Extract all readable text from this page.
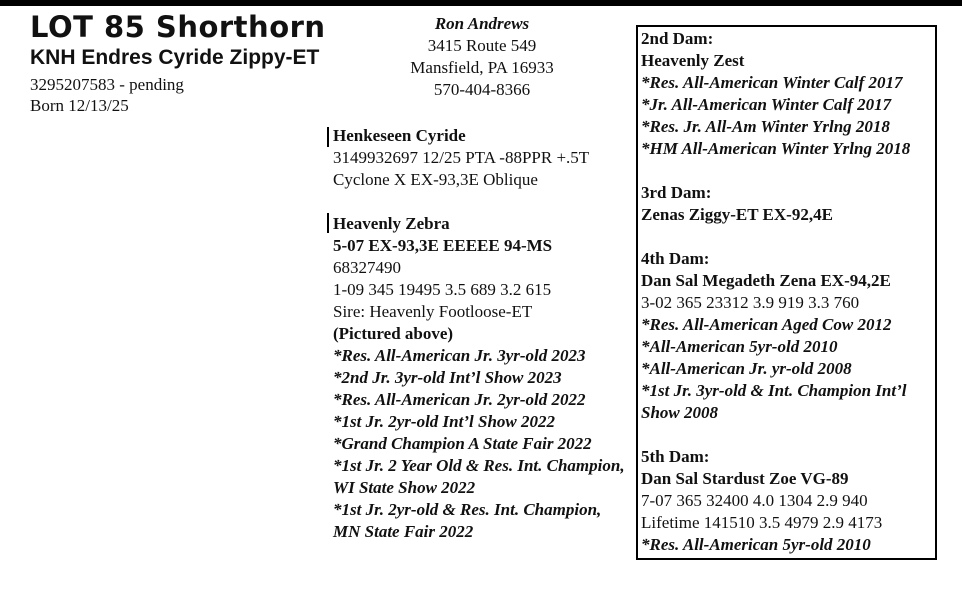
LOT 85 Shorthorn
KNH Endres Cyride Zippy-ET
3295207583 - pending
Born 12/13/25
Ron Andrews
3415 Route 549
Mansfield, PA 16933
570-404-8366
Henkeseen Cyride
3149932697 12/25 PTA -88PPR +.5T
Cyclone X EX-93,3E Oblique
Heavenly Zebra
5-07 EX-93,3E EEEEE 94-MS
68327490
1-09 345 19495 3.5 689 3.2 615
Sire: Heavenly Footloose-ET
(Pictured above)
*Res. All-American Jr. 3yr-old 2023
*2nd Jr. 3yr-old Int’l Show 2023
*Res. All-American Jr. 2yr-old 2022
*1st Jr. 2yr-old Int’l Show 2022
*Grand Champion A State Fair 2022
*1st Jr. 2 Year Old & Res. Int. Champion, WI State Show 2022
*1st Jr. 2yr-old & Res. Int. Champion, MN State Fair 2022
2nd Dam:
Heavenly Zest
*Res. All-American Winter Calf 2017
*Jr. All-American Winter Calf 2017
*Res. Jr. All-Am Winter Yrlng 2018
*HM All-American Winter Yrlng 2018
3rd Dam:
Zenas Ziggy-ET EX-92,4E
4th Dam:
Dan Sal Megadeth Zena EX-94,2E
3-02 365 23312 3.9 919 3.3 760
*Res. All-American Aged Cow 2012
*All-American 5yr-old 2010
*All-American Jr. yr-old 2008
*1st Jr. 3yr-old & Int. Champion Int’l Show 2008
5th Dam:
Dan Sal Stardust Zoe VG-89
7-07 365 32400 4.0 1304 2.9 940
Lifetime 141510 3.5 4979 2.9 4173
*Res. All-American 5yr-old 2010
